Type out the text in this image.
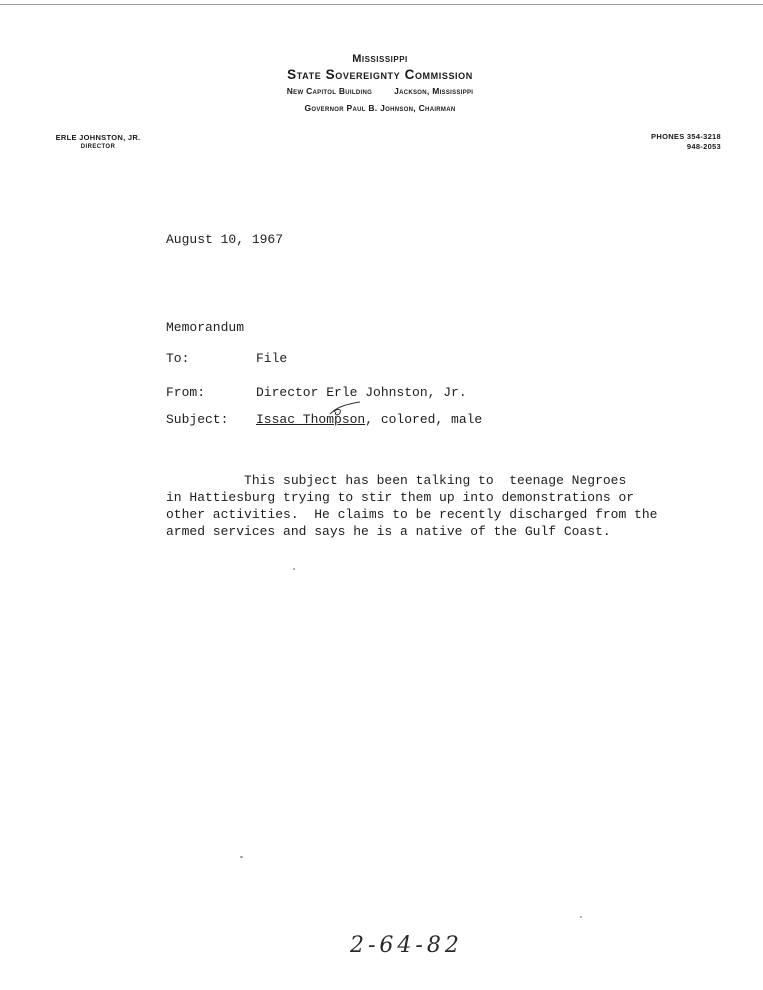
Mississippi
State Sovereignty Commission
New Capitol Building	Jackson, Mississippi
Governor Paul B. Johnson, Chairman
ERLE JOHNSTON, JR.
DIRECTOR
PHONES 354-3218
948-2053
August 10, 1967
Memorandum
To:	File
From:	Director Erle Johnston, Jr.
Subject: Issac Thompson, colored, male
This subject has been talking to  teenage Negroes
in Hattiesburg trying to stir them up into demonstrations or
other activities.  He claims to be recently discharged from the
armed services and says he is a native of the Gulf Coast.
2-64-82
